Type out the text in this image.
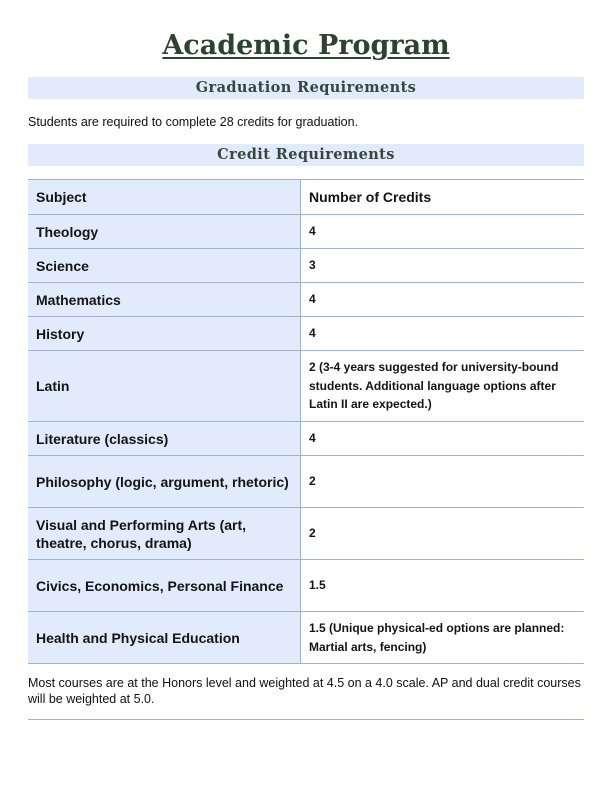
Academic Program
Graduation Requirements
Students are required to complete 28 credits for graduation.
Credit Requirements
Subject	Number of Credits
Theology	4
Science	3
Mathematics	4
History	4
Latin	2 (3-4 years suggested for university-bound students. Additional language options after Latin II are expected.)
Literature (classics)	4
Philosophy (logic, argument, rhetoric)	2
Visual and Performing Arts (art, theatre, chorus, drama)	2
Civics, Economics, Personal Finance	1.5
Health and Physical Education	1.5 (Unique physical-ed options are planned: Martial arts, fencing)
Most courses are at the Honors level and weighted at 4.5 on a 4.0 scale. AP and dual credit courses will be weighted at 5.0.
